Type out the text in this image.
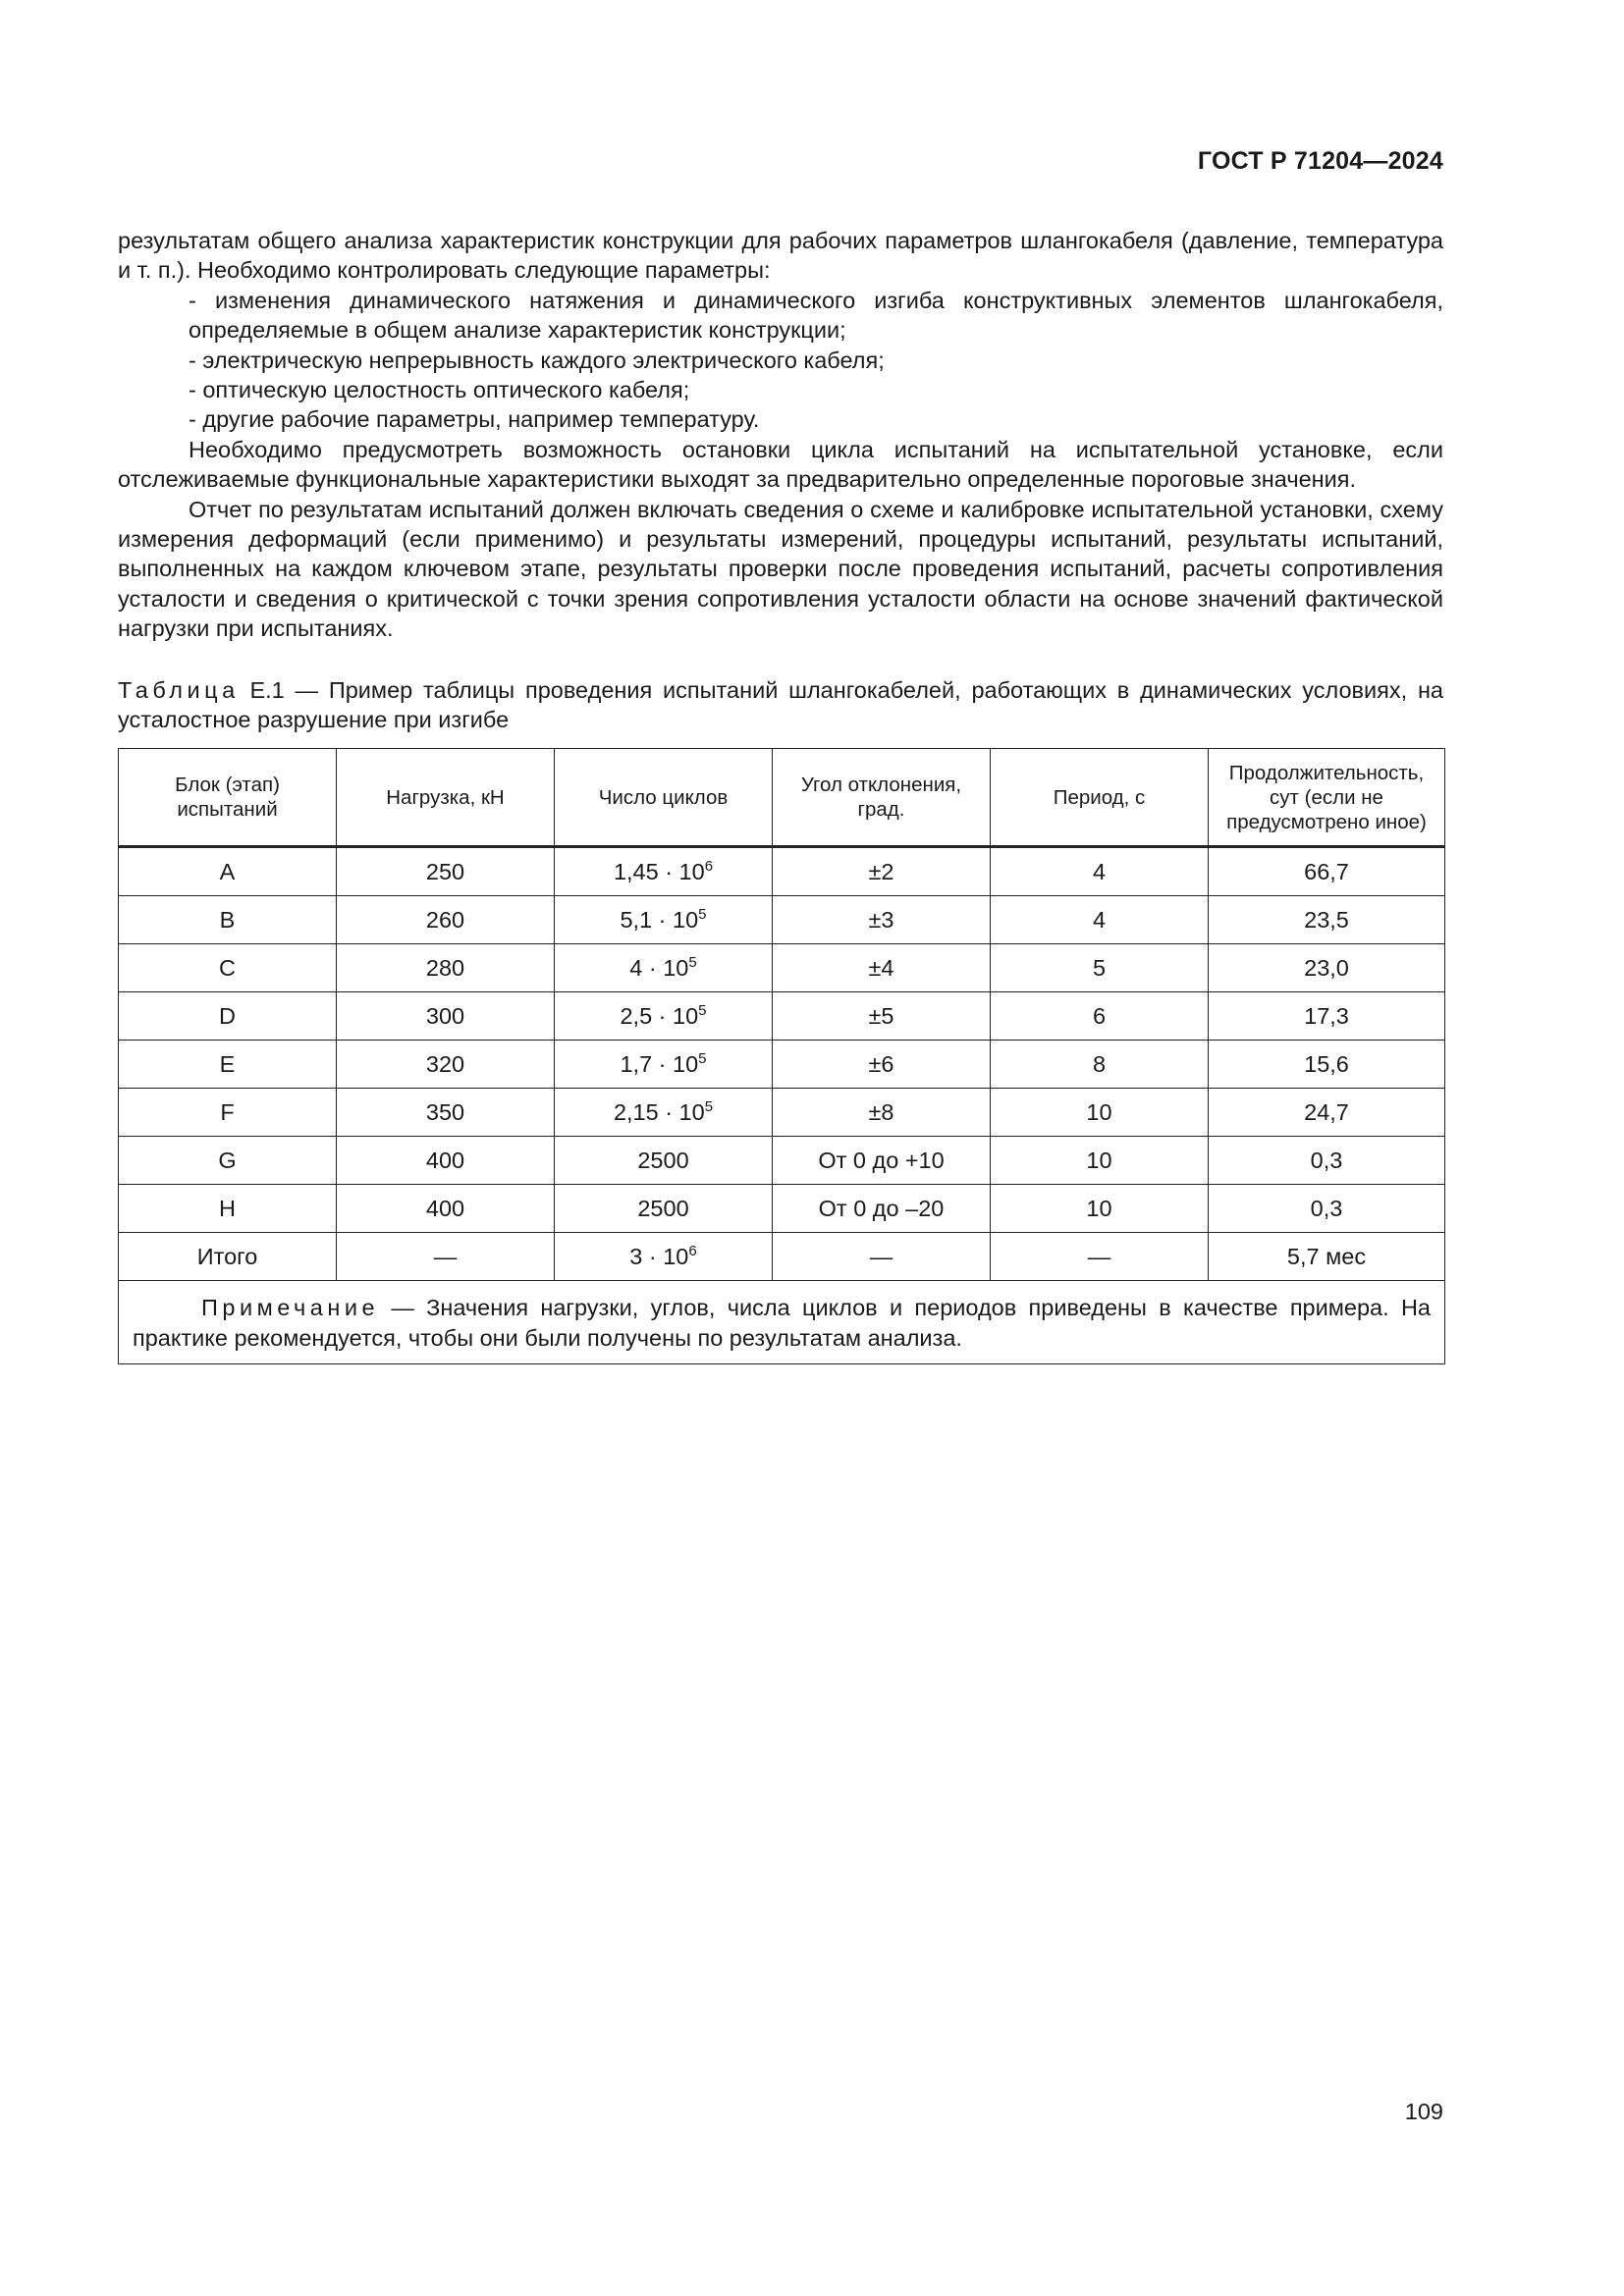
ГОСТ Р 71204—2024

результатам общего анализа характеристик конструкции для рабочих параметров шлангокабеля (давление, температура и т. п.). Необходимо контролировать следующие параметры:

- изменения динамического натяжения и динамического изгиба конструктивных элементов шлангокабеля, определяемые в общем анализе характеристик конструкции;

- электрическую непрерывность каждого электрического кабеля;

- оптическую целостность оптического кабеля;

- другие рабочие параметры, например температуру.

Необходимо предусмотреть возможность остановки цикла испытаний на испытательной установке, если отслеживаемые функциональные характеристики выходят за предварительно определенные пороговые значения.

Отчет по результатам испытаний должен включать сведения о схеме и калибровке испытательной установки, схему измерения деформаций (если применимо) и результаты измерений, процедуры испытаний, результаты испытаний, выполненных на каждом ключевом этапе, результаты проверки после проведения испытаний, расчеты сопротивления усталости и сведения о критической с точки зрения сопротивления усталости области на основе значений фактической нагрузки при испытаниях.

Таблица E.1 — Пример таблицы проведения испытаний шлангокабелей, работающих в динамических условиях, на усталостное разрушение при изгибе
Блок (этап) испытаний	Нагрузка, кН	Число циклов	Угол отклонения, град.	Период, с	Продолжительность, сут (если не предусмотрено иное)

A	250	$1,45 \cdot 10^6$	±2	4	66,7
B	260	$5,1 \cdot 10^5$	±3	4	23,5
C	280	$4 \cdot 10^5$	±4	5	23,0
D	300	$2,5 \cdot 10^5$	±5	6	17,3
E	320	$1,7 \cdot 10^5$	±6	8	15,6
F	350	$2,15 \cdot 10^5$	±8	10	24,7
G	400	2500	От 0 до +10	10	0,3
H	400	2500	От 0 до –20	10	0,3
Итого	—	$3 \cdot 10^6$	—	—	5,7 мес
Примечание — Значения нагрузки, углов, числа циклов и периодов приведены в качестве примера. На практике рекомендуется, чтобы они были получены по результатам анализа.					
109
